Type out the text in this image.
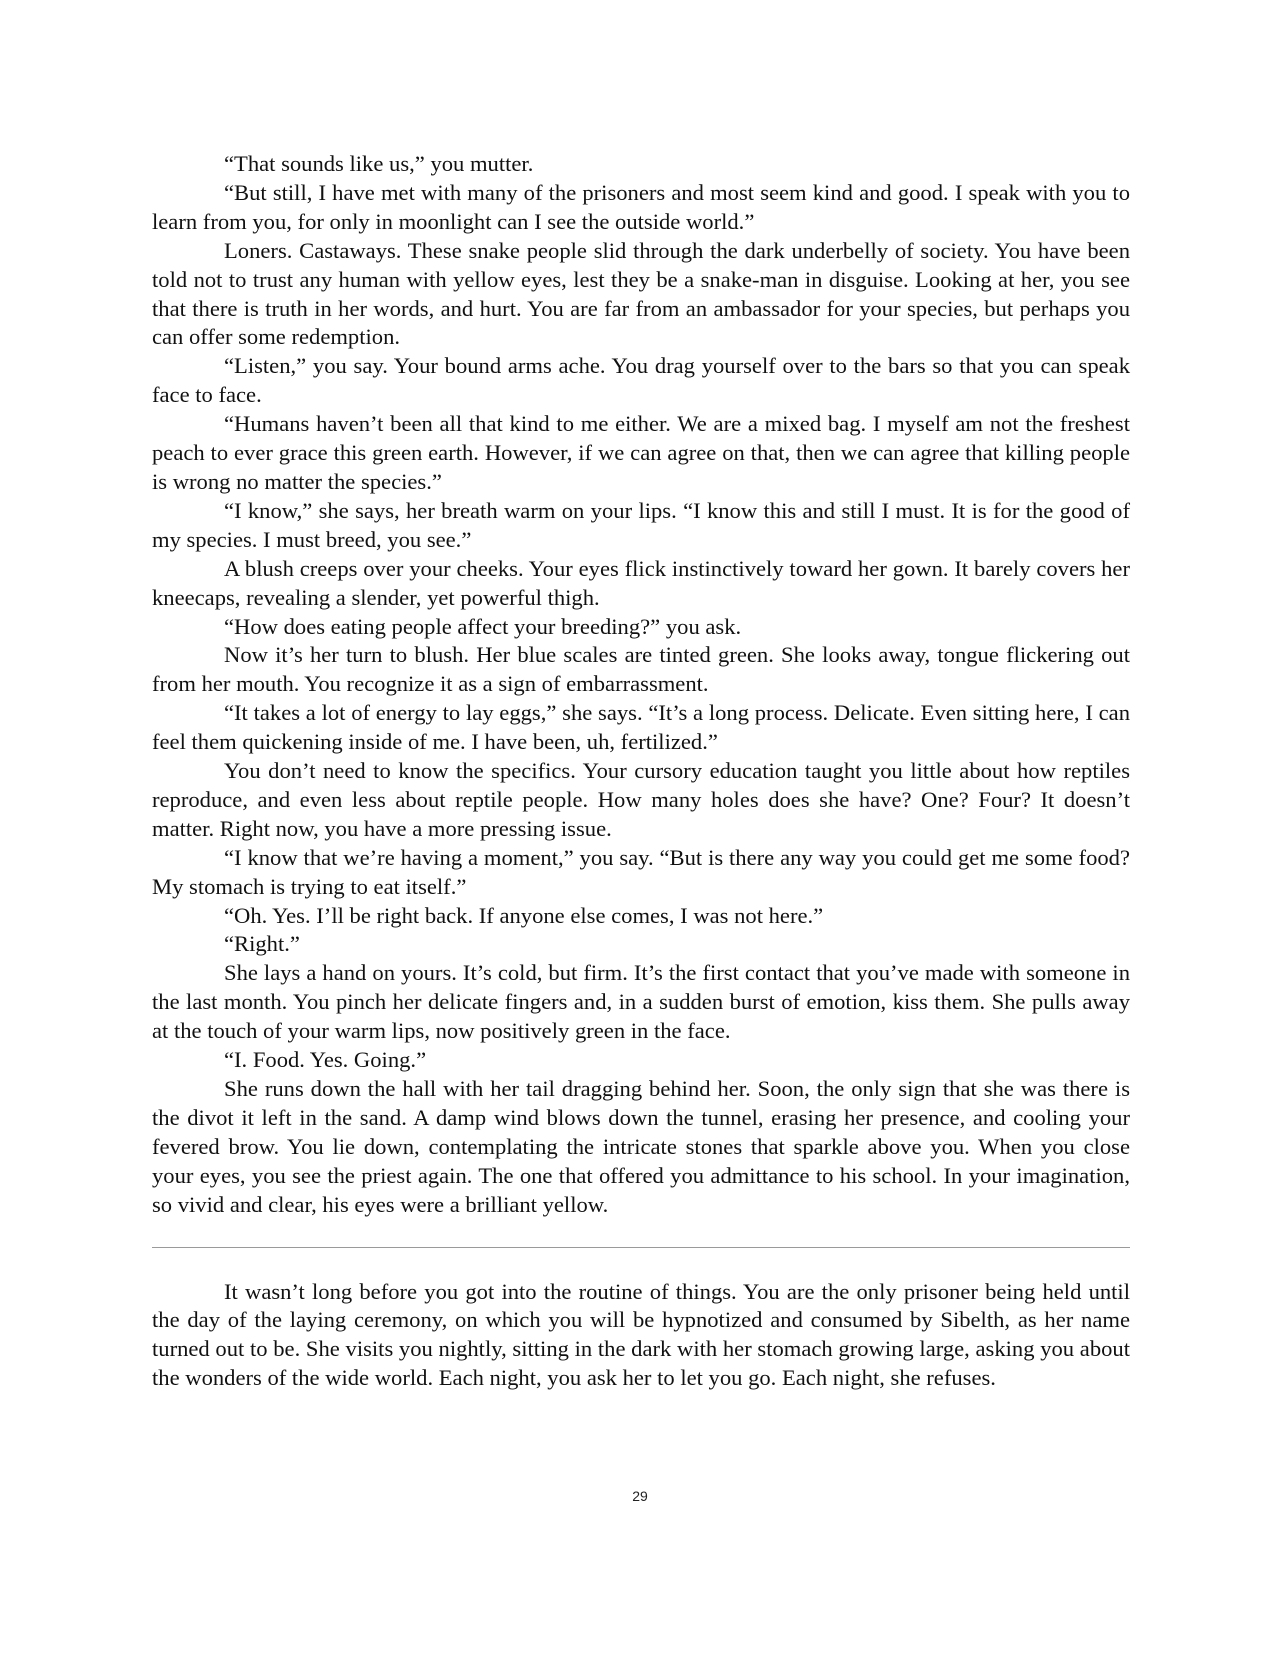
“That sounds like us,” you mutter.

“But still, I have met with many of the prisoners and most seem kind and good. I speak with you to learn from you, for only in moonlight can I see the outside world.”

Loners. Castaways. These snake people slid through the dark underbelly of society. You have been told not to trust any human with yellow eyes, lest they be a snake-man in disguise. Looking at her, you see that there is truth in her words, and hurt. You are far from an ambassador for your species, but perhaps you can offer some redemption.

“Listen,” you say. Your bound arms ache. You drag yourself over to the bars so that you can speak face to face.

“Humans haven’t been all that kind to me either. We are a mixed bag. I myself am not the freshest peach to ever grace this green earth. However, if we can agree on that, then we can agree that killing people is wrong no matter the species.”

“I know,” she says, her breath warm on your lips. “I know this and still I must. It is for the good of my species. I must breed, you see.”

A blush creeps over your cheeks. Your eyes flick instinctively toward her gown. It barely covers her kneecaps, revealing a slender, yet powerful thigh.

“How does eating people affect your breeding?” you ask.

Now it’s her turn to blush. Her blue scales are tinted green. She looks away, tongue flickering out from her mouth. You recognize it as a sign of embarrassment.

“It takes a lot of energy to lay eggs,” she says. “It’s a long process. Delicate. Even sitting here, I can feel them quickening inside of me. I have been, uh, fertilized.”

You don’t need to know the specifics. Your cursory education taught you little about how reptiles reproduce, and even less about reptile people. How many holes does she have? One? Four? It doesn’t matter. Right now, you have a more pressing issue.

“I know that we’re having a moment,” you say. “But is there any way you could get me some food? My stomach is trying to eat itself.”

“Oh. Yes. I’ll be right back. If anyone else comes, I was not here.”

“Right.”

She lays a hand on yours. It’s cold, but firm. It’s the first contact that you’ve made with someone in the last month. You pinch her delicate fingers and, in a sudden burst of emotion, kiss them. She pulls away at the touch of your warm lips, now positively green in the face.

“I. Food. Yes. Going.”

She runs down the hall with her tail dragging behind her. Soon, the only sign that she was there is the divot it left in the sand. A damp wind blows down the tunnel, erasing her presence, and cooling your fevered brow. You lie down, contemplating the intricate stones that sparkle above you. When you close your eyes, you see the priest again. The one that offered you admittance to his school. In your imagination, so vivid and clear, his eyes were a brilliant yellow.

It wasn’t long before you got into the routine of things. You are the only prisoner being held until the day of the laying ceremony, on which you will be hypnotized and consumed by Sibelth, as her name turned out to be. She visits you nightly, sitting in the dark with her stomach growing large, asking you about the wonders of the wide world. Each night, you ask her to let you go. Each night, she refuses.

29
